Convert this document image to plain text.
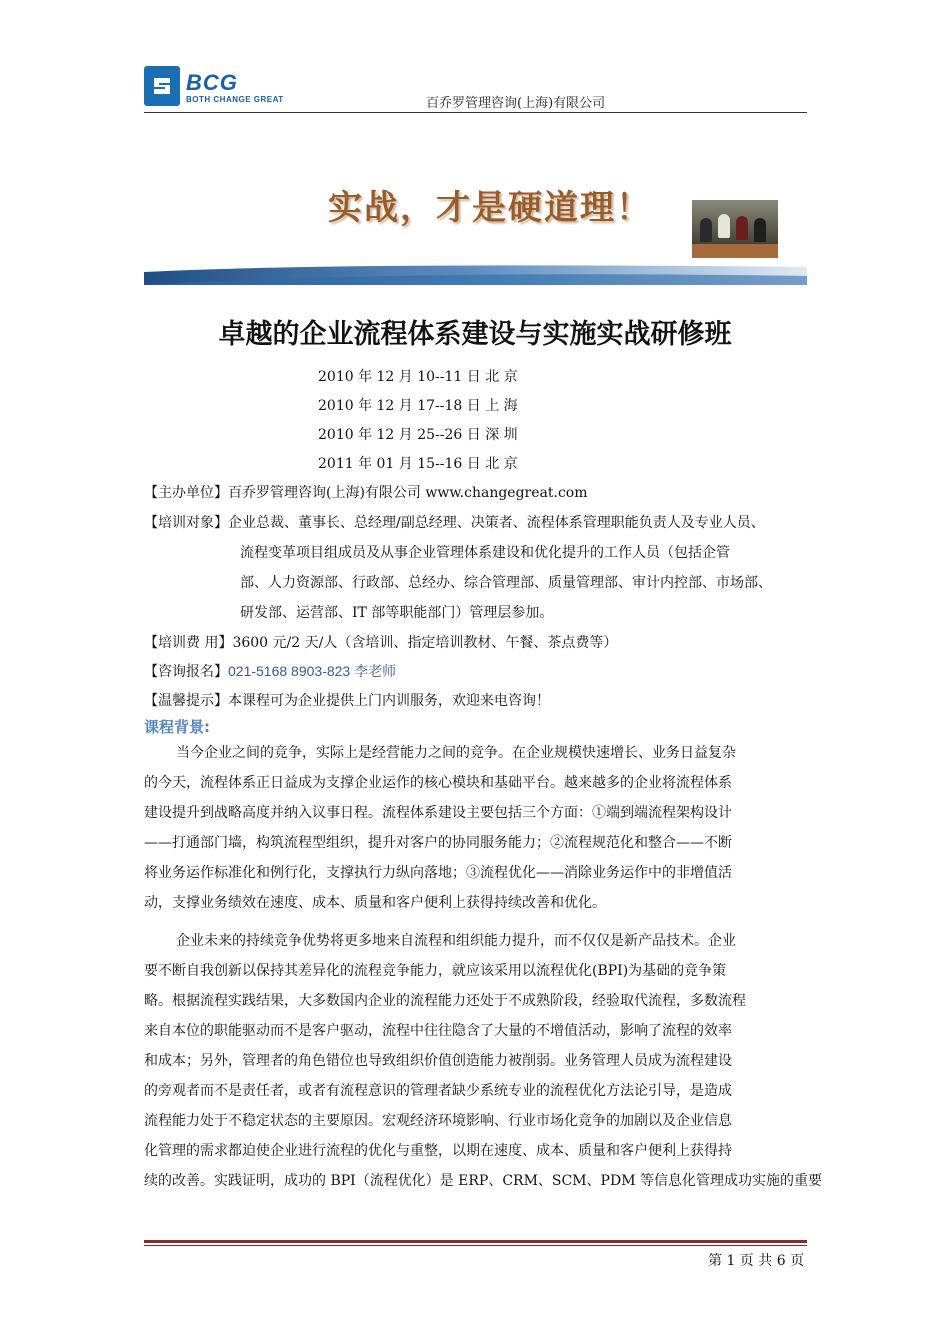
BCG
BOTH CHANGE GREAT	百乔罗管理咨询(上海)有限公司
实战，才是硬道理！
卓越的企业流程体系建设与实施实战研修班
2010 年 12 月 10--11 日 北 京
2010 年 12 月 17--18 日 上 海
2010 年 12 月 25--26 日 深 圳
2011 年 01 月 15--16 日 北 京
【主办单位】百乔罗管理咨询(上海)有限公司 www.changegreat.com
【培训对象】企业总裁、董事长、总经理/副总经理、决策者、流程体系管理职能负责人及专业人员、
流程变革项目组成员及从事企业管理体系建设和优化提升的工作人员（包括企管
部、人力资源部、行政部、总经办、综合管理部、质量管理部、审计内控部、市场部、
研发部、运营部、IT 部等职能部门）管理层参加。
【培训费 用】3600 元/2 天/人（含培训、指定培训教材、午餐、茶点费等）
【咨询报名】021-5168 8903-823 李老师
【温馨提示】本课程可为企业提供上门内训服务，欢迎来电咨询！
课程背景:

当今企业之间的竞争，实际上是经营能力之间的竞争。在企业规模快速增长、业务日益复杂
的今天，流程体系正日益成为支撑企业运作的核心模块和基础平台。越来越多的企业将流程体系
建设提升到战略高度并纳入议事日程。流程体系建设主要包括三个方面：①端到端流程架构设计
——打通部门墙，构筑流程型组织，提升对客户的协同服务能力；②流程规范化和整合——不断
将业务运作标准化和例行化，支撑执行力纵向落地；③流程优化——消除业务运作中的非增值活
动，支撑业务绩效在速度、成本、质量和客户便利上获得持续改善和优化。

企业未来的持续竞争优势将更多地来自流程和组织能力提升，而不仅仅是新产品技术。企业
要不断自我创新以保持其差异化的流程竞争能力，就应该采用以流程优化(BPI)为基础的竞争策
略。根据流程实践结果，大多数国内企业的流程能力还处于不成熟阶段，经验取代流程，多数流程
来自本位的职能驱动而不是客户驱动，流程中往往隐含了大量的不增值活动，影响了流程的效率
和成本；另外，管理者的角色错位也导致组织价值创造能力被削弱。业务管理人员成为流程建设
的旁观者而不是责任者，或者有流程意识的管理者缺少系统专业的流程优化方法论引导，是造成
流程能力处于不稳定状态的主要原因。宏观经济环境影响、行业市场化竞争的加剧以及企业信息
化管理的需求都迫使企业进行流程的优化与重整，以期在速度、成本、质量和客户便利上获得持
续的改善。实践证明，成功的 BPI（流程优化）是 ERP、CRM、SCM、PDM 等信息化管理成功实施的重要

第 1 页 共 6 页
